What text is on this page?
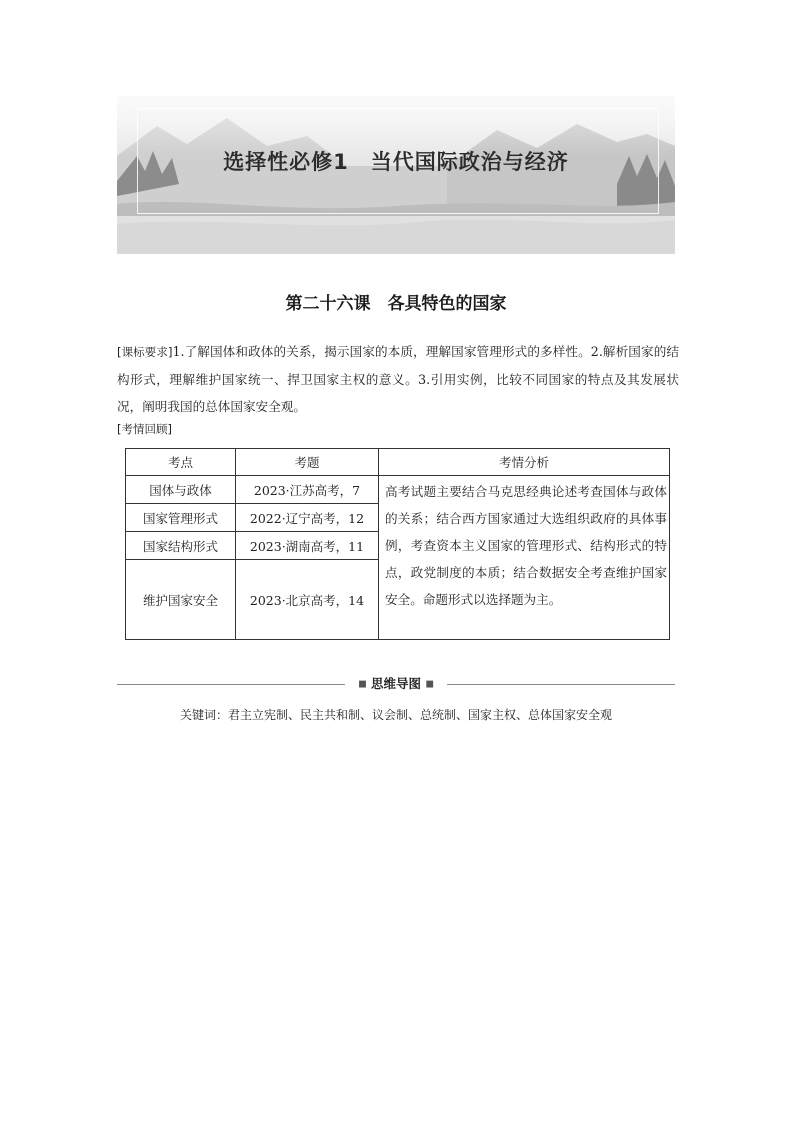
选择性必修1　当代国际政治与经济
第二十六课　各具特色的国家
[课标要求]1.了解国体和政体的关系，揭示国家的本质，理解国家管理形式的多样性。2.解析国家的结构形式，理解维护国家统一、捍卫国家主权的意义。3.引用实例，比较不同国家的特点及其发展状况，阐明我国的总体国家安全观。
[考情回顾]
考点	考题	考情分析
国体与政体	2023·江苏高考，7	高考试题主要结合马克思经典论述考查国体与政体的关系；结合西方国家通过大选组织政府的具体事例，考查资本主义国家的管理形式、结构形式的特点，政党制度的本质；结合数据安全考查维护国家安全。命题形式以选择题为主。
国家管理形式	2022·辽宁高考，12	
国家结构形式	2023·湖南高考，11	
维护国家安全	2023·北京高考，14	
■ 思维导图 ■
关键词：君主立宪制、民主共和制、议会制、总统制、国家主权、总体国家安全观
